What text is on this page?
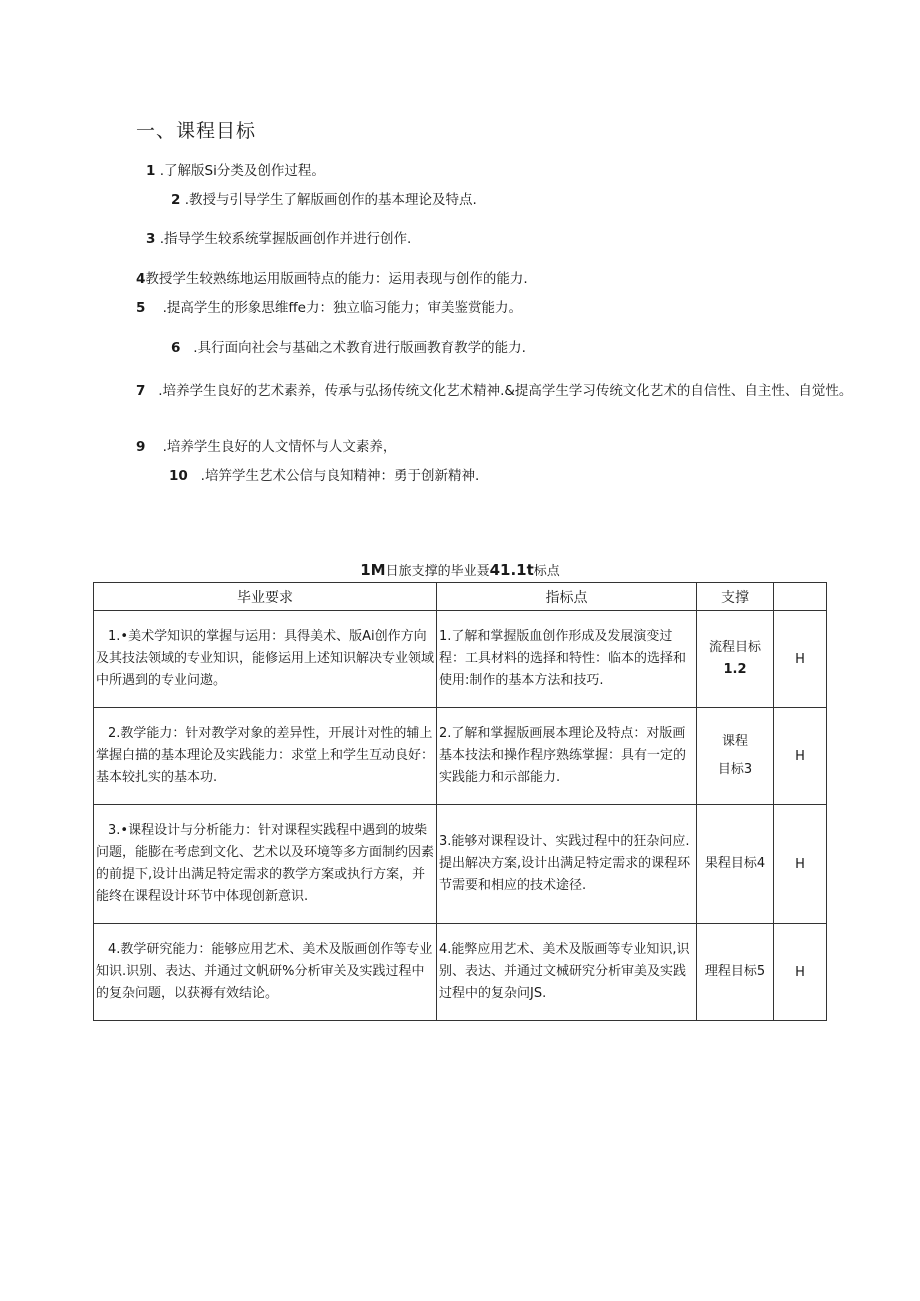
一、课程目标
1 .了解版Si分类及创作过程。
2 .教授与引导学生了解版画创作的基本理论及特点.
3 .指导学生较系统掌握版画创作并进行创作.
4教授学生较熟练地运用版画特点的能力：运用表现与创作的能力.
5 .提高学生的形象思维ffe力：独立临习能力；审美鉴赏能力。
6 .具行面向社会与基础之术教育进行版画教育教学的能力.
7 .培养学生良好的艺术素养，传承与弘扬传统文化艺术精神.&提高学生学习传统文化艺术的自信性、自主性、自觉性。
9 .培养学生良好的人文情怀与人文素养，
10 .培笄学生艺术公信与良知精神：勇于创新精神.
1M日旅支撑的毕业聂41.1t标点
毕业要求	指标点	支撑	
1.•美术学知识的掌握与运用：具得美术、版Ai创作方向及其技法领域的专业知识，能修运用上述知识解决专业领域中所遇到的专业问遨。	1.了解和掌握版血创作形成及发展演变过程：工具材料的选择和特性：临本的选择和使用:制作的基本方法和技巧.	流程目标
1.2	H
2.教学能力：针对教学对象的差异性，开展计对性的辅上掌握白描的基本理论及实践能力：求堂上和学生互动良好：基本较扎实的基本功.	2.了解和掌握版画展本理论及特点：对版画基本技法和操作程序熟练掌握：具有一定的实践能力和示部能力.	课程
目标3	H
3.•课程设计与分析能力：针对课程实践程中遇到的坡柴问题，能膨在考虑到文化、艺术以及环境等多方面制约因素的前提下,设计出满足特定需求的教学方案或执行方案，并能终在课程设计环节中体现创新意识.	3.能够对课程设计、实践过程中的狂杂问应.提出解决方案,设计出满足特定需求的课程环节需要和相应的技术途径.	果程目标4	H
4.教学研究能力：能够应用艺术、美术及版画创作等专业知识.识别、表达、并通过文帆研%分析审关及实践过程中的复杂问题，以获褥有效结论。	4.能弊应用艺术、美术及版画等专业知识,识别、表达、并通过文械研究分析审美及实践过程中的复杂问JS.	理程目标5	H
